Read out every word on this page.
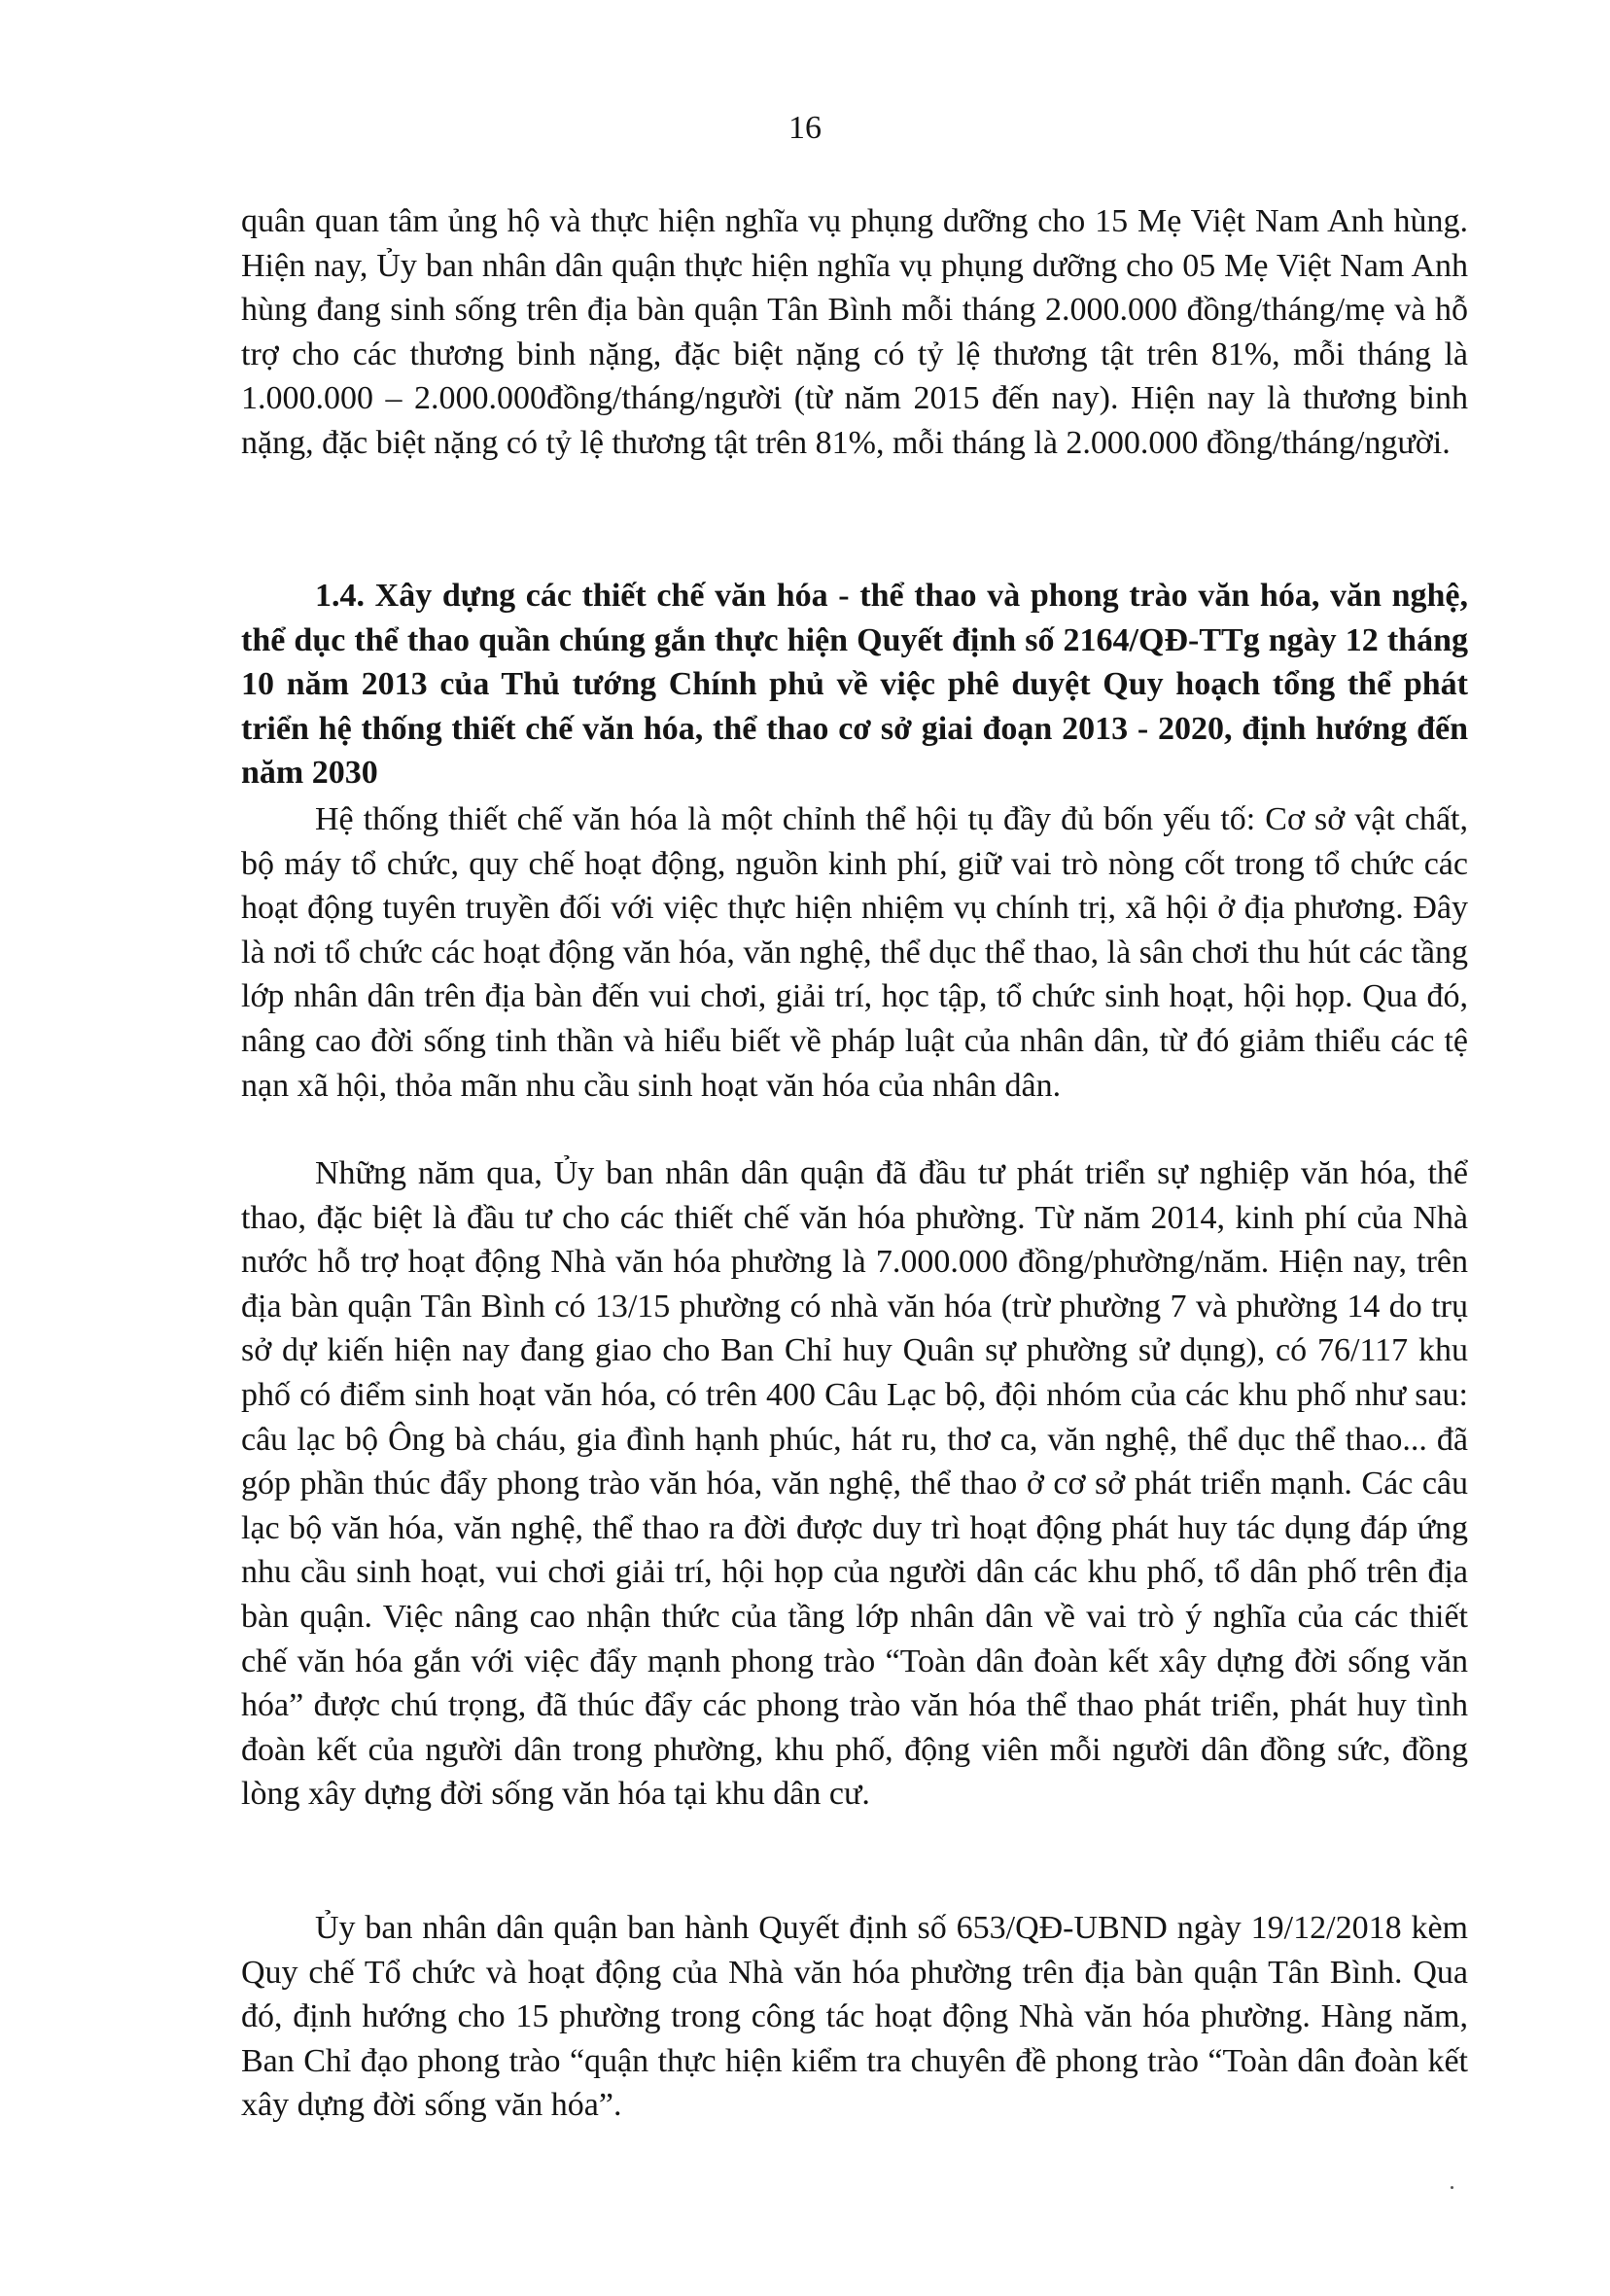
16

quân quan tâm ủng hộ và thực hiện nghĩa vụ phụng dưỡng cho 15 Mẹ Việt Nam Anh hùng. Hiện nay, Ủy ban nhân dân quận thực hiện nghĩa vụ phụng dưỡng cho 05 Mẹ Việt Nam Anh hùng đang sinh sống trên địa bàn quận Tân Bình mỗi tháng 2.000.000 đồng/tháng/mẹ và hỗ trợ cho các thương binh nặng, đặc biệt nặng có tỷ lệ thương tật trên 81%, mỗi tháng là 1.000.000 – 2.000.000đồng/tháng/người (từ năm 2015 đến nay). Hiện nay là thương binh nặng, đặc biệt nặng có tỷ lệ thương tật trên 81%, mỗi tháng là 2.000.000 đồng/tháng/người.

1.4. Xây dựng các thiết chế văn hóa - thể thao và phong trào văn hóa, văn nghệ, thể dục thể thao quần chúng gắn thực hiện Quyết định số 2164/QĐ-TTg ngày 12 tháng 10 năm 2013 của Thủ tướng Chính phủ về việc phê duyệt Quy hoạch tổng thể phát triển hệ thống thiết chế văn hóa, thể thao cơ sở giai đoạn 2013 - 2020, định hướng đến năm 2030

Hệ thống thiết chế văn hóa là một chỉnh thể hội tụ đầy đủ bốn yếu tố: Cơ sở vật chất, bộ máy tổ chức, quy chế hoạt động, nguồn kinh phí, giữ vai trò nòng cốt trong tổ chức các hoạt động tuyên truyền đối với việc thực hiện nhiệm vụ chính trị, xã hội ở địa phương. Đây là nơi tổ chức các hoạt động văn hóa, văn nghệ, thể dục thể thao, là sân chơi thu hút các tầng lớp nhân dân trên địa bàn đến vui chơi, giải trí, học tập, tổ chức sinh hoạt, hội họp. Qua đó, nâng cao đời sống tinh thần và hiểu biết về pháp luật của nhân dân, từ đó giảm thiểu các tệ nạn xã hội, thỏa mãn nhu cầu sinh hoạt văn hóa của nhân dân.

Những năm qua, Ủy ban nhân dân quận đã đầu tư phát triển sự nghiệp văn hóa, thể thao, đặc biệt là đầu tư cho các thiết chế văn hóa phường. Từ năm 2014, kinh phí của Nhà nước hỗ trợ hoạt động Nhà văn hóa phường là 7.000.000 đồng/phường/năm. Hiện nay, trên địa bàn quận Tân Bình có 13/15 phường có nhà văn hóa (trừ phường 7 và phường 14 do trụ sở dự kiến hiện nay đang giao cho Ban Chỉ huy Quân sự phường sử dụng), có 76/117 khu phố có điểm sinh hoạt văn hóa, có trên 400 Câu Lạc bộ, đội nhóm của các khu phố như sau: câu lạc bộ Ông bà cháu, gia đình hạnh phúc, hát ru, thơ ca, văn nghệ, thể dục thể thao... đã góp phần thúc đẩy phong trào văn hóa, văn nghệ, thể thao ở cơ sở phát triển mạnh. Các câu lạc bộ văn hóa, văn nghệ, thể thao ra đời được duy trì hoạt động phát huy tác dụng đáp ứng nhu cầu sinh hoạt, vui chơi giải trí, hội họp của người dân các khu phố, tổ dân phố trên địa bàn quận. Việc nâng cao nhận thức của tầng lớp nhân dân về vai trò ý nghĩa của các thiết chế văn hóa gắn với việc đẩy mạnh phong trào “Toàn dân đoàn kết xây dựng đời sống văn hóa” được chú trọng, đã thúc đẩy các phong trào văn hóa thể thao phát triển, phát huy tình đoàn kết của người dân trong phường, khu phố, động viên mỗi người dân đồng sức, đồng lòng xây dựng đời sống văn hóa tại khu dân cư.

Ủy ban nhân dân quận ban hành Quyết định số 653/QĐ-UBND ngày 19/12/2018 kèm Quy chế Tổ chức và hoạt động của Nhà văn hóa phường trên địa bàn quận Tân Bình. Qua đó, định hướng cho 15 phường trong công tác hoạt động Nhà văn hóa phường. Hàng năm, Ban Chỉ đạo phong trào “quận thực hiện kiểm tra chuyên đề phong trào “Toàn dân đoàn kết xây dựng đời sống văn hóa”.
